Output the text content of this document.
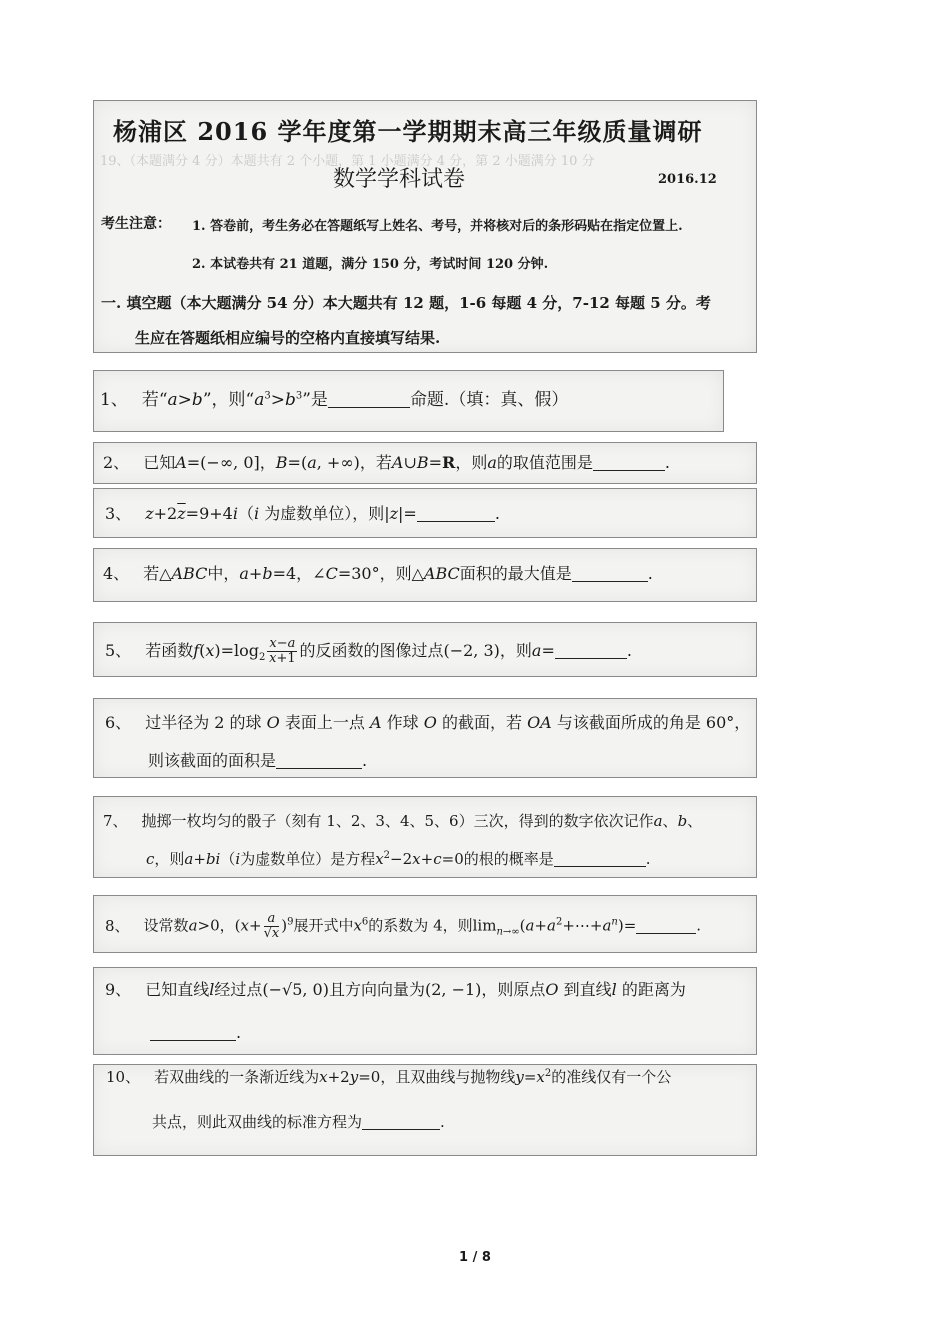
19、（本题满分 4 分）本题共有 2 个小题，第 1 小题满分 4 分，第 2 小题满分 10 分
杨浦区 2016 学年度第一学期期末高三年级质量调研
数学学科试卷	2016.12
考生注意： 1. 答卷前，考生务必在答题纸写上姓名、考号，并将核对后的条形码贴在指定位置上.
2. 本试卷共有 21 道题，满分 150 分，考试时间 120 分钟.
一. 填空题（本大题满分 54 分）本大题共有 12 题，1-6 每题 4 分，7-12 每题 5 分。考
生应在答题纸相应编号的空格内直接填写结果.
1、 若“a>b”，则“$a^3>b^3$”是	命题.（填：真、假）
2、 已知A=(−∞, 0]，B=(a, +∞)，若A∪B=R，则a的取值范围是	.
3、 $z+2\overline{z}=9+4i(i$ 为虚数单位），则|z|=	.
4、 若△ABC中，a+b=4，∠C=30°，则△ABC面积的最大值是	.
5、 若函数$f(x)=\log_2 \frac{x-a}{x+1}$ 的反函数的图像过点(−2, 3)，则a=	.
6、 过半径为 2 的球 O 表面上一点 A 作球 O 的截面，若 OA 与该截面所成的角是 60°，
则该截面的面积是	.
7、 抛掷一枚均匀的骰子（刻有 1、2、3、4、5、6）三次，得到的数字依次记作a、b、
c，则a+bi（i为虚数单位）是方程$x^2-2x+c=0$的根的概率是	.
8、 设常数a>0，$(x+ \frac{a}{√x} )^9$展开式中$x^6$的系数为 4，则$\lim_{n\to\infty}(a+a^2+\cdots+a^n)=$	.
9、 已知直线l经过点(−√5, 0)且方向向量为(2, −1)，则原点O 到直线l 的距离为
.
10、 若双曲线的一条渐近线为x+2y=0，且双曲线与抛物线$y=x^2$的准线仅有一个公
共点，则此双曲线的标准方程为	.
1 / 8
